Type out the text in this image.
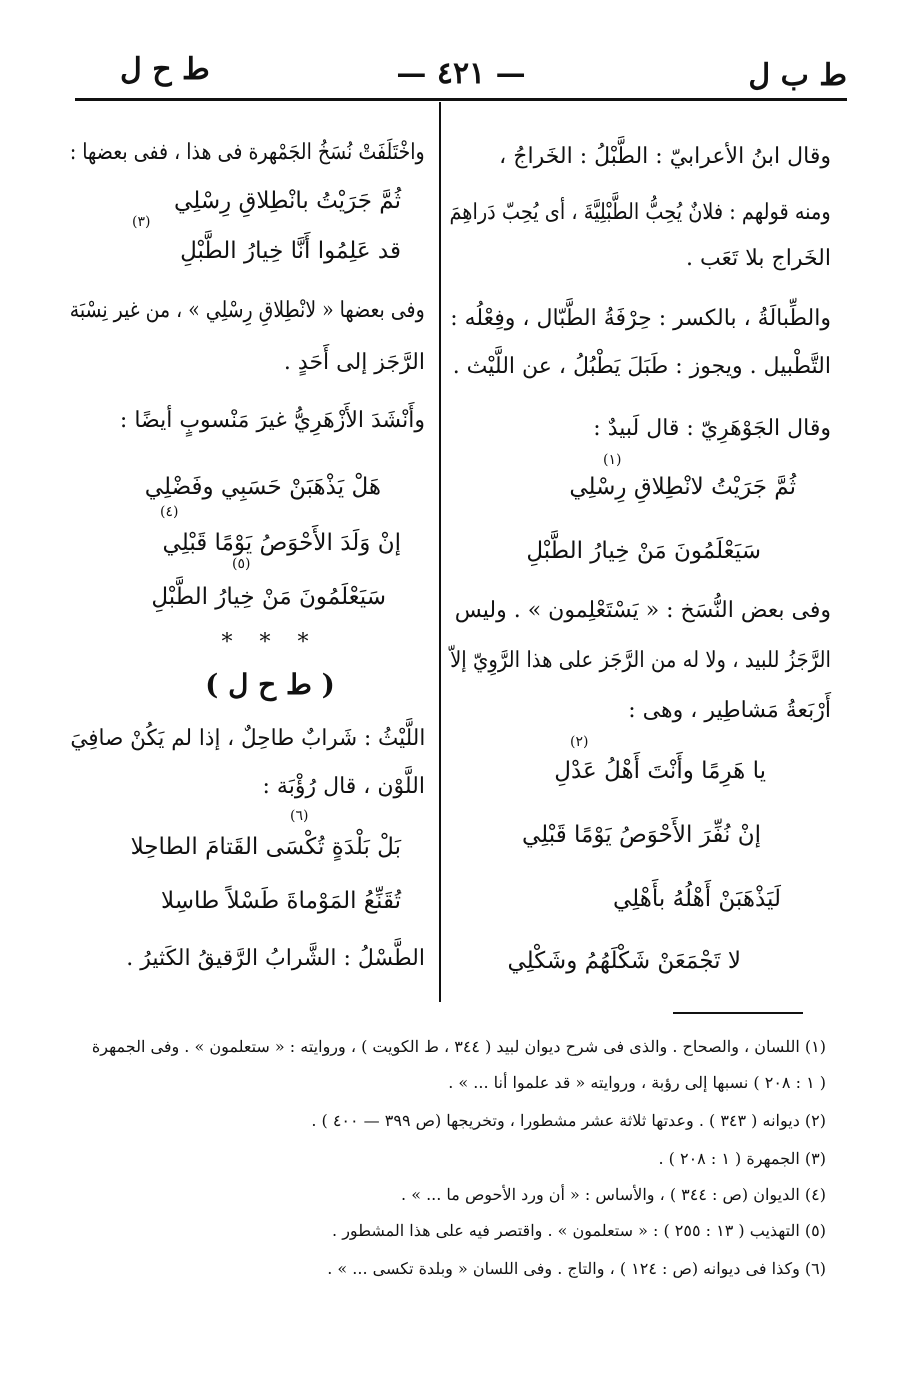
ط ب ل
— ٤٢١ —
ط ح ل
وقال ابنُ الأعرابيّ : الطَّبْلُ : الخَراجُ ،
ومنه قولهم : فلانٌ يُحِبُّ الطَّبْلِيَّةَ ، أى يُحِبّ دَراهِمَ
الخَراج بلا تَعَب .
والطِّبالَةُ ، بالكسر : حِرْفَةُ الطَّبّال ، وفِعْلُه :
التَّطْبيل . ويجوز : طَبَلَ يَطْبُلُ ، عن اللَّيْث .
وقال الجَوْهَرِيّ : قال لَبيدٌ :
(١)
ثُمَّ جَرَيْتُ لانْطِلاقِ رِسْلِي
سَيَعْلَمُونَ مَنْ خِيارُ الطَّبْلِ
وفى بعض النُّسَخ : « يَسْتَعْلِمون » . وليس
الرَّجَزُ للبيد ، ولا له من الرَّجَز على هذا الرَّوِيّ إلاّ
أَرْبَعةُ مَشاطِير ، وهى :
(٢)
يا هَرِمًا وأَنْتَ أَهْلُ عَدْلِ
إنْ نُفِّرَ الأَحْوَصُ يَوْمًا قَبْلِي
لَيَذْهَبَنْ أَهْلُهُ بأَهْلِي
لا تَجْمَعَنْ شَكْلَهُمُ وشَكْلِي
واخْتَلَفَتْ نُسَخُ الجَمْهرة فى هذا ، ففى بعضها :
ثُمَّ جَرَيْتُ بانْطِلاقِ رِسْلِي
(٣)
قد عَلِمُوا أَنَّا خِيارُ الطَّبْلِ
وفى بعضها « لانْطِلاقِ رِسْلِي » ، من غير نِسْبَة
الرَّجَز إلى أَحَدٍ .
وأَنْشَدَ الأَزْهَرِيُّ غيرَ مَنْسوبٍ أيضًا :
هَلْ يَذْهَبَنْ حَسَبِي وفَضْلِي
(٤)
إنْ وَلَدَ الأَحْوَصُ يَوْمًا قَبْلِي
(٥)
سَيَعْلَمُونَ مَنْ خِيارُ الطَّبْلِ
* * *
( ط ح ل )
اللَّيْثُ : شَرابٌ طاحِلٌ ، إذا لم يَكُنْ صافِيَ
اللَّوْن ، قال رُؤْبَة :
(٦)
بَلْ بَلْدَةٍ تُكْسَى القَتامَ الطاحِلا
تُقَنِّعُ المَوْماةَ طَسْلاً طاسِلا
الطَّسْلُ : الشَّرابُ الرَّقيقُ الكَثيرُ .
(١) اللسان ، والصحاح . والذى فى شرح ديوان لبيد ( ٣٤٤ ، ط الكويت ) ، وروايته : « ستعلمون » . وفى الجمهرة
( ١ : ٢٠٨ ) نسبها إلى رؤبة ، وروايته « قد علموا أنا ... » .
(٢) ديوانه ( ٣٤٣ ) . وعدتها ثلاثة عشر مشطورا ، وتخريجها (ص ٣٩٩ — ٤٠٠ ) .
(٣) الجمهرة ( ١ : ٢٠٨ ) .
(٤) الديوان (ص : ٣٤٤ ) ، والأساس : « أن ورد الأحوص ما ... » .
(٥) التهذيب ( ١٣ : ٢٥٥ ) : « ستعلمون » . واقتصر فيه على هذا المشطور .
(٦) وكذا فى ديوانه (ص : ١٢٤ ) ، والتاج . وفى اللسان « وبلدة تكسى ... » .
